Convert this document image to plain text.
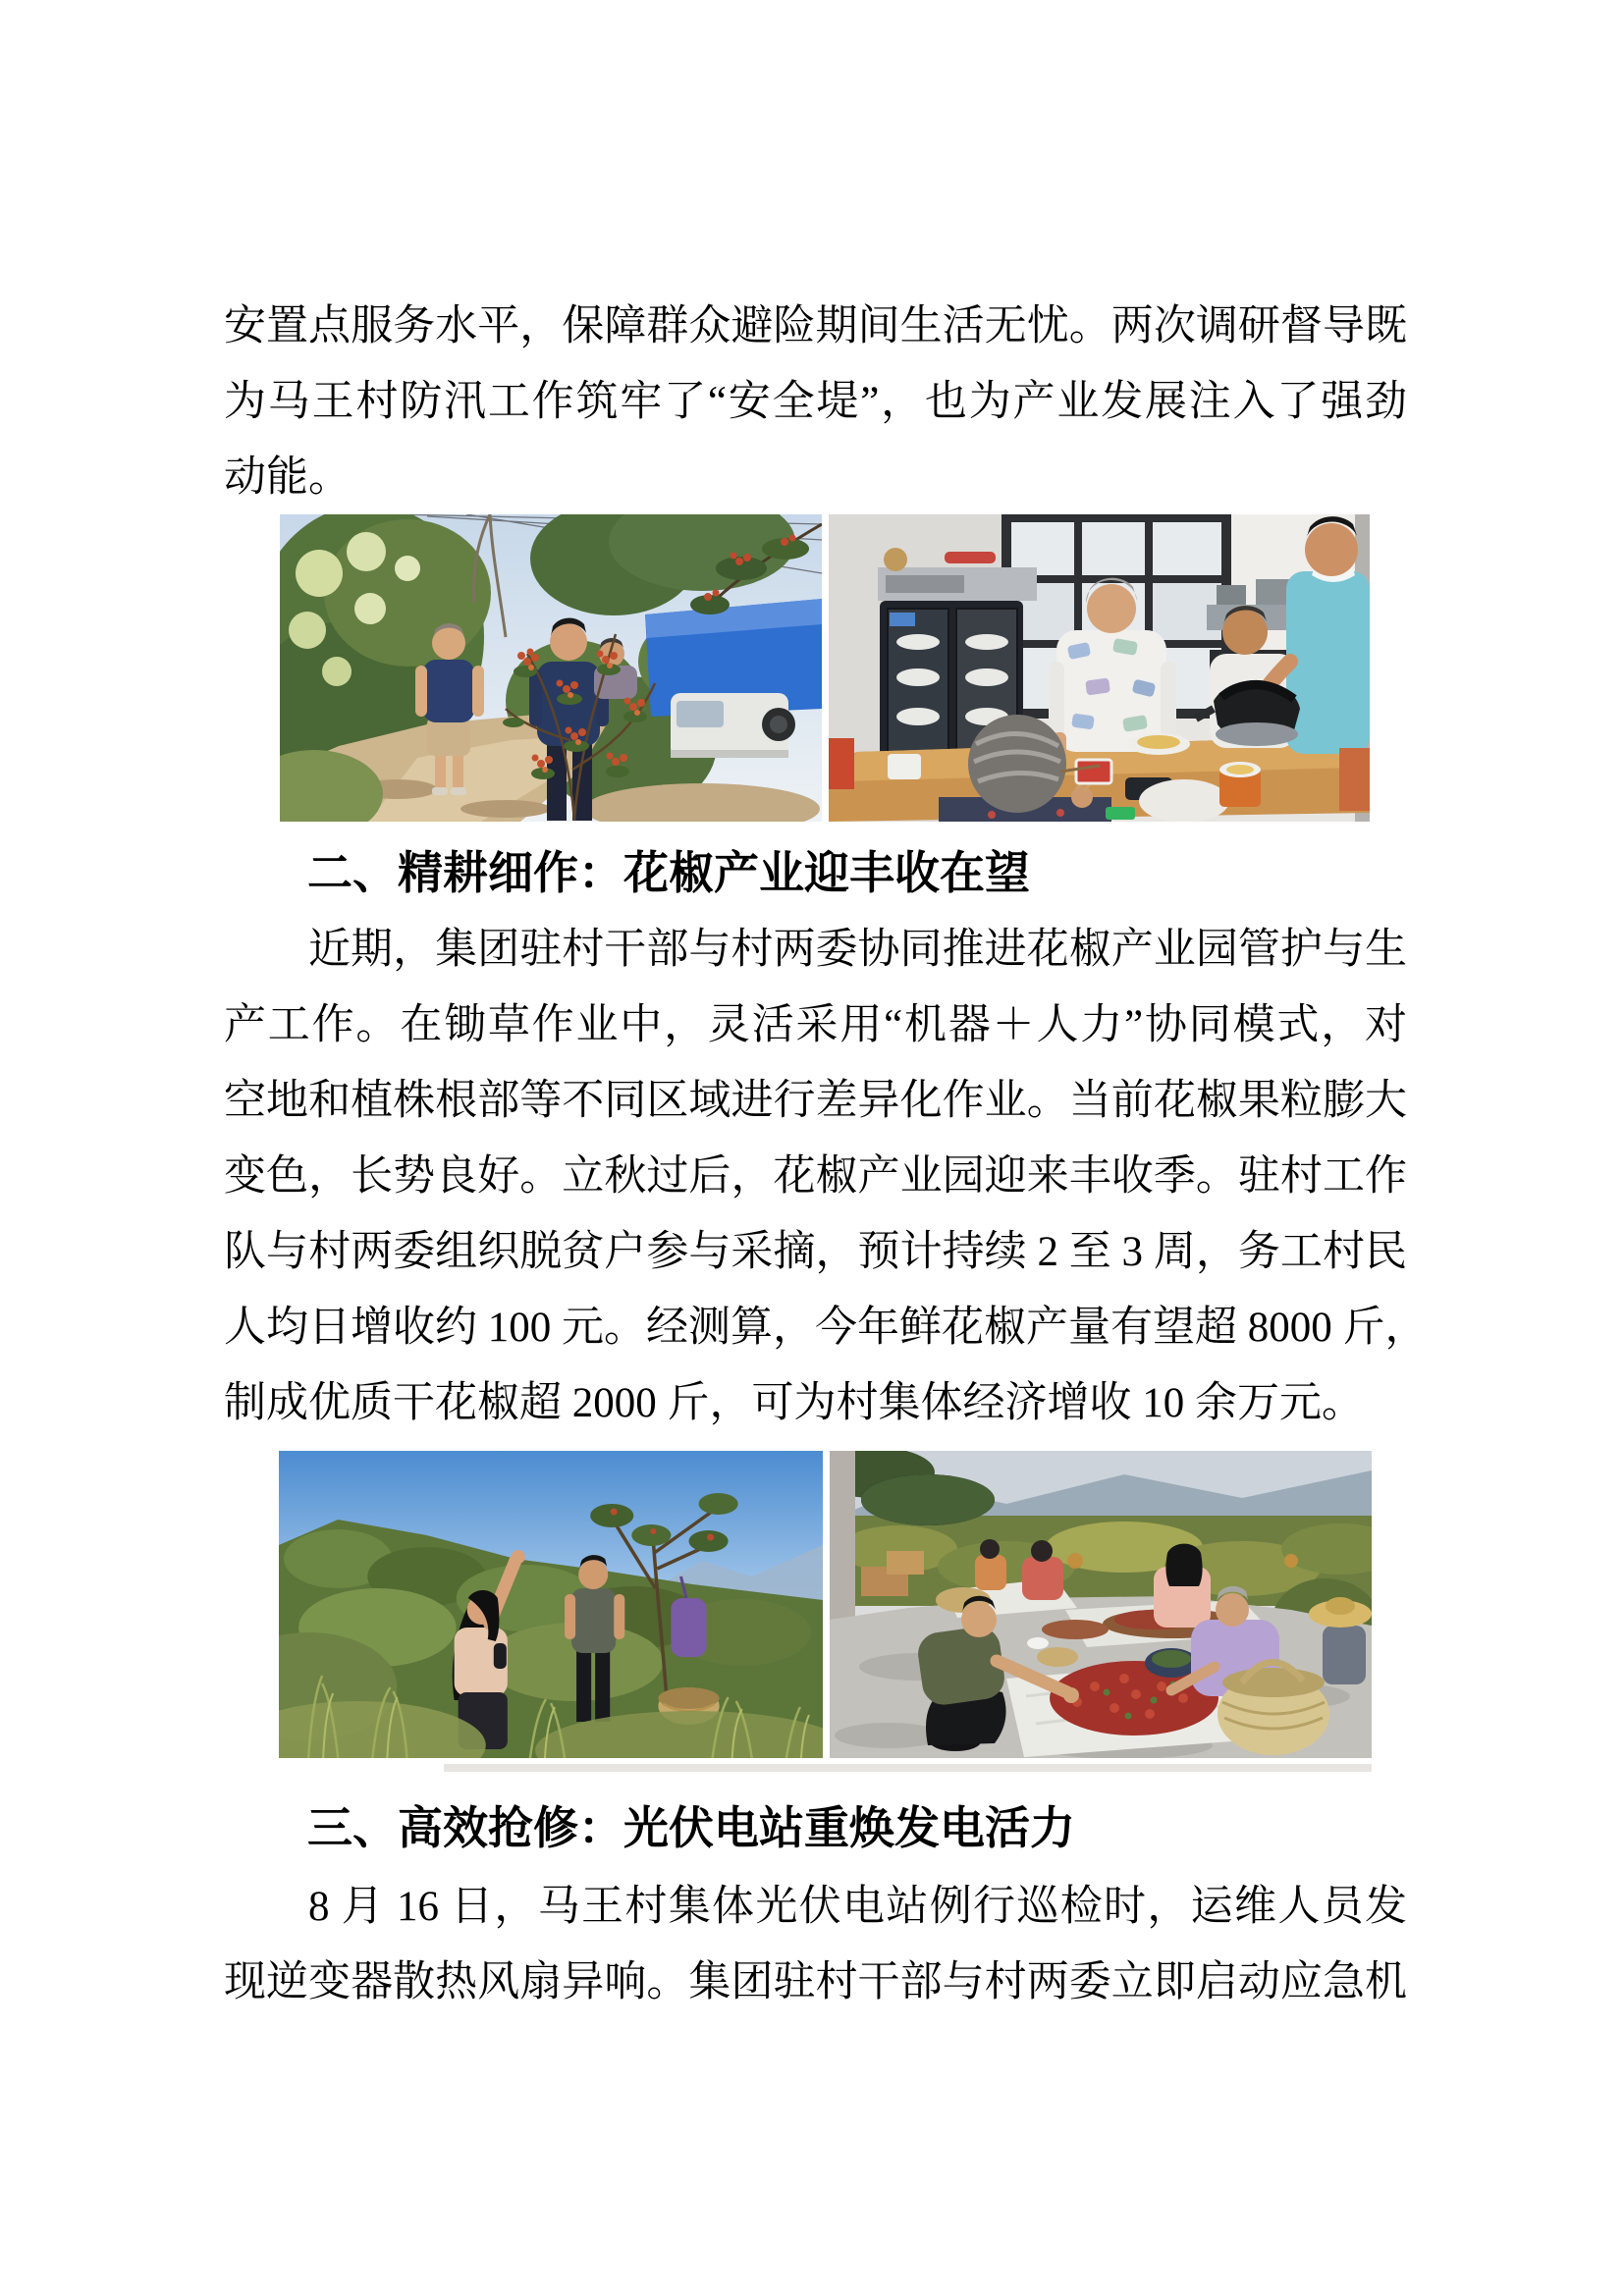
安置点服务水平，保障群众避险期间生活无忧。两次调研督导既
为马王村防汛工作筑牢了“安全堤”，也为产业发展注入了强劲
动能。
二、精耕细作：花椒产业迎丰收在望
近期，集团驻村干部与村两委协同推进花椒产业园管护与生
产工作。在锄草作业中，灵活采用“机器＋人力”协同模式，对
空地和植株根部等不同区域进行差异化作业。当前花椒果粒膨大
变色，长势良好。立秋过后，花椒产业园迎来丰收季。驻村工作
队与村两委组织脱贫户参与采摘，预计持续 2 至 3 周，务工村民
人均日增收约 100 元。经测算，今年鲜花椒产量有望超 8000 斤，
制成优质干花椒超 2000 斤，可为村集体经济增收 10 余万元。
三、高效抢修：光伏电站重焕发电活力
8 月 16 日，马王村集体光伏电站例行巡检时，运维人员发
现逆变器散热风扇异响。集团驻村干部与村两委立即启动应急机
